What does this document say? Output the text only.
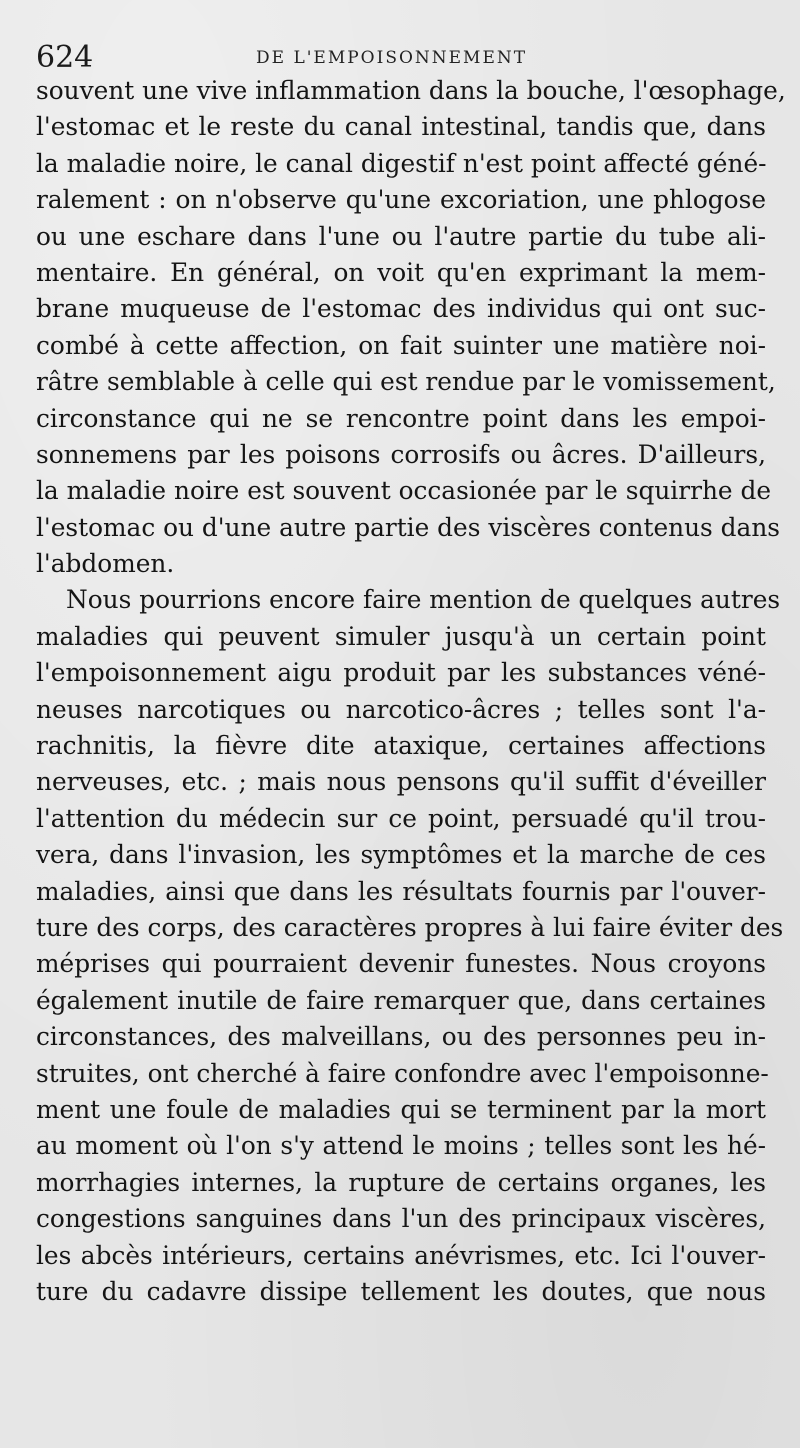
624	DE L'EMPOISONNEMENT
souvent une vive inflammation dans la bouche, l'œsophage,
l'estomac et le reste du canal intestinal, tandis que, dans
la maladie noire, le canal digestif n'est point affecté géné-
ralement : on n'observe qu'une excoriation, une phlogose
ou une eschare dans l'une ou l'autre partie du tube ali-
mentaire. En général, on voit qu'en exprimant la mem-
brane muqueuse de l'estomac des individus qui ont suc-
combé à cette affection, on fait suinter une matière noi-
râtre semblable à celle qui est rendue par le vomissement,
circonstance qui ne se rencontre point dans les empoi-
sonnemens par les poisons corrosifs ou âcres. D'ailleurs,
la maladie noire est souvent occasionée par le squirrhe de
l'estomac ou d'une autre partie des viscères contenus dans
l'abdomen.
Nous pourrions encore faire mention de quelques autres
maladies qui peuvent simuler jusqu'à un certain point
l'empoisonnement aigu produit par les substances véné-
neuses narcotiques ou narcotico-âcres ; telles sont l'a-
rachnitis, la fièvre dite ataxique, certaines affections
nerveuses, etc. ; mais nous pensons qu'il suffit d'éveiller
l'attention du médecin sur ce point, persuadé qu'il trou-
vera, dans l'invasion, les symptômes et la marche de ces
maladies, ainsi que dans les résultats fournis par l'ouver-
ture des corps, des caractères propres à lui faire éviter des
méprises qui pourraient devenir funestes. Nous croyons
également inutile de faire remarquer que, dans certaines
circonstances, des malveillans, ou des personnes peu in-
struites, ont cherché à faire confondre avec l'empoisonne-
ment une foule de maladies qui se terminent par la mort
au moment où l'on s'y attend le moins ; telles sont les hé-
morrhagies internes, la rupture de certains organes, les
congestions sanguines dans l'un des principaux viscères,
les abcès intérieurs, certains anévrismes, etc. Ici l'ouver-
ture du cadavre dissipe tellement les doutes, que nous
